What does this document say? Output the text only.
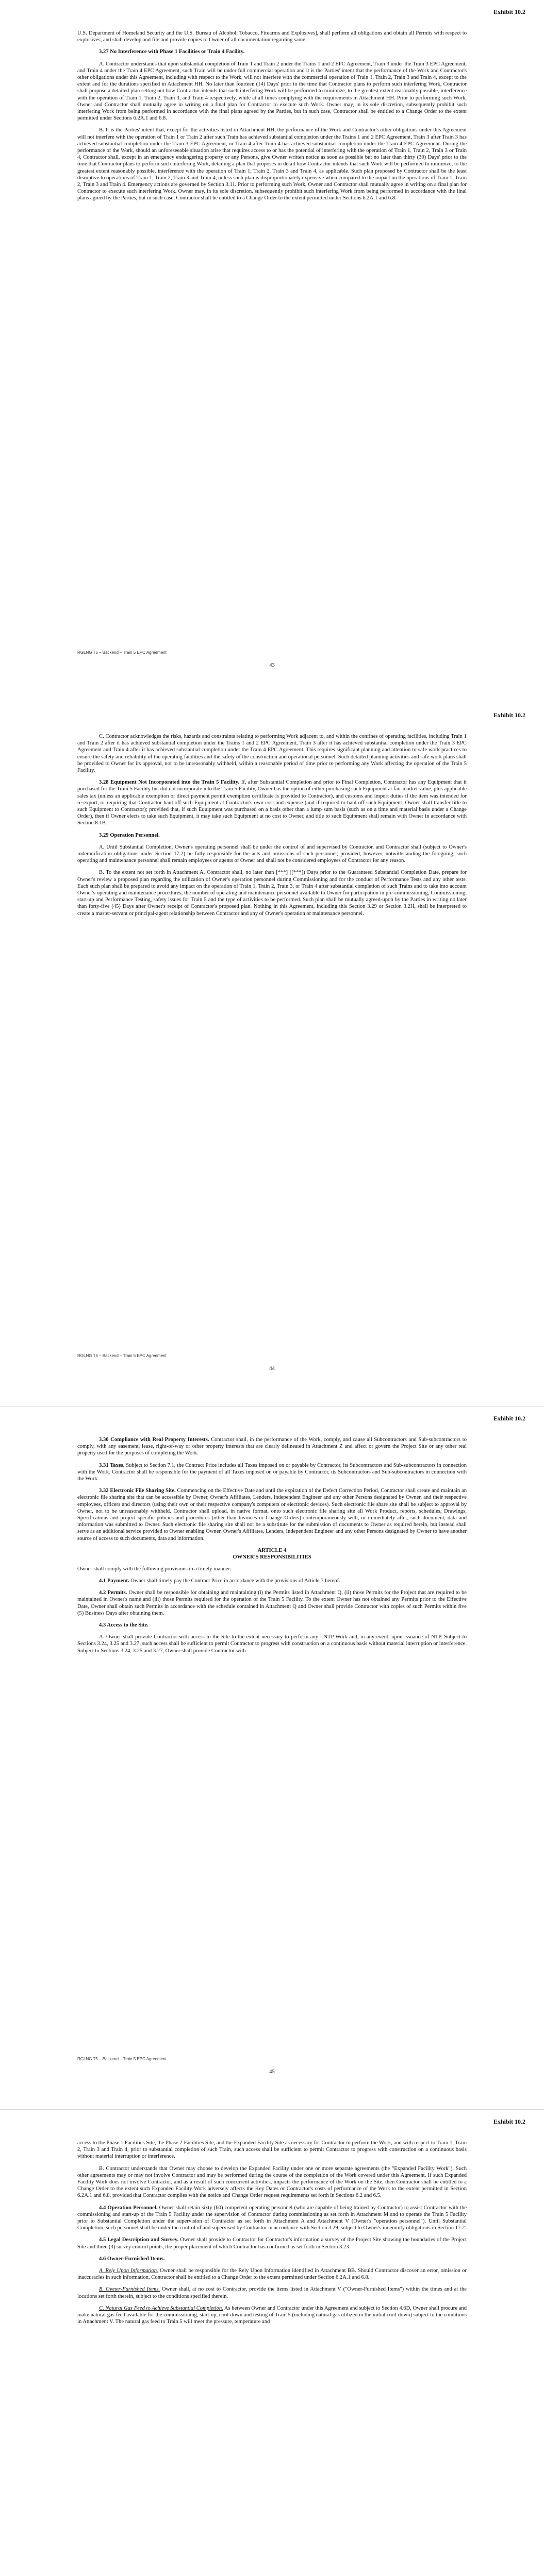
Exhibit 10.2

U.S. Department of Homeland Security and the U.S. Bureau of Alcohol, Tobacco, Firearms and Explosives], shall perform all obligations and obtain all Permits with respect to explosives, and shall develop and file and provide copies to Owner of all documentation regarding same.

3.27 No Interference with Phase 1 Facilities or Train 4 Facility.

A. Contractor understands that upon substantial completion of Train 1 and Train 2 under the Trains 1 and 2 EPC Agreement, Train 3 under the Train 3 EPC Agreement, and Train 4 under the Train 4 EPC Agreement, such Train will be under full commercial operation and it is the Parties' intent that the performance of the Work and Contractor's other obligations under this Agreement, including with respect to the Work, will not interfere with the commercial operation of Train 1, Train 2, Train 3 and Train 4, except to the extent and for the durations specified in Attachment HH. No later than fourteen (14) Days' prior to the time that Contractor plans to perform such interfering Work, Contractor shall propose a detailed plan setting out how Contractor intends that such interfering Work will be performed to minimize, to the greatest extent reasonably possible, interference with the operation of Train 1, Train 2, Train 3, and Train 4 respectively, while at all times complying with the requirements in Attachment HH. Prior to performing such Work, Owner and Contractor shall mutually agree in writing on a final plan for Contractor to execute such Work. Owner may, in its sole discretion, subsequently prohibit such interfering Work from being performed in accordance with the final plans agreed by the Parties, but in such case, Contractor shall be entitled to a Change Order to the extent permitted under Sections 6.2A.1 and 6.8.

B. It is the Parties' intent that, except for the activities listed in Attachment HH, the performance of the Work and Contractor's other obligations under this Agreement will not interfere with the operation of Train 1 or Train 2 after such Train has achieved substantial completion under the Trains 1 and 2 EPC Agreement, Train 3 after Train 3 has achieved substantial completion under the Train 3 EPC Agreement, or Train 4 after Train 4 has achieved substantial completion under the Train 4 EPC Agreement. During the performance of the Work, should an unforeseeable situation arise that requires access to or has the potential of interfering with the operation of Train 1, Train 2, Train 3 or Train 4, Contractor shall, except in an emergency endangering property or any Persons, give Owner written notice as soon as possible but no later than thirty (30) Days' prior to the time that Contractor plans to perform such interfering Work, detailing a plan that proposes in detail how Contractor intends that such Work will be performed to minimize, to the greatest extent reasonably possible, interference with the operation of Train 1, Train 2, Train 3 and Train 4, as applicable. Such plan proposed by Contractor shall be the least disruptive to operations of Train 1, Train 2, Train 3 and Train 4, unless such plan is disproportionately expensive when compared to the impact on the operations of Train 1, Train 2, Train 3 and Train 4. Emergency actions are governed by Section 3.11. Prior to performing such Work, Owner and Contractor shall mutually agree in writing on a final plan for Contractor to execute such interfering Work. Owner may, in its sole discretion, subsequently prohibit such interfering Work from being performed in accordance with the final plans agreed by the Parties, but in such case, Contractor shall be entitled to a Change Order to the extent permitted under Sections 6.2A.1 and 6.8.

RGLNG T5 – Backend – Train 5 EPC Agreement
43
Exhibit 10.2

C. Contractor acknowledges the risks, hazards and constraints relating to performing Work adjacent to, and within the confines of operating facilities, including Train 1 and Train 2 after it has achieved substantial completion under the Trains 1 and 2 EPC Agreement, Train 3 after it has achieved substantial completion under the Train 3 EPC Agreement and Train 4 after it has achieved substantial completion under the Train 4 EPC Agreement. This requires significant planning and attention to safe work practices to ensure the safety and reliability of the operating facilities and the safety of the construction and operational personnel. Such detailed planning activities and safe work plans shall be provided to Owner for its approval, not to be unreasonably withheld, within a reasonable period of time prior to performing any Work affecting the operation of the Train 5 Facility.

3.28 Equipment Not Incorporated into the Train 5 Facility. If, after Substantial Completion and prior to Final Completion, Contractor has any Equipment that it purchased for the Train 5 Facility but did not incorporate into the Train 5 Facility, Owner has the option of either purchasing such Equipment at fair market value, plus applicable sales tax (unless an applicable exemption or direct payment permit exemption certificate is provided to Contractor), and customs and import duties if the item was intended for re-export, or requiring that Contractor haul off such Equipment at Contractor's own cost and expense (and if required to haul off such Equipment, Owner shall transfer title to such Equipment to Contractor); provided that, if such Equipment was purchased on a basis other than a lump sum basis (such as on a time and material basis under a Change Order), then if Owner elects to take such Equipment, it may take such Equipment at no cost to Owner, and title to such Equipment shall remain with Owner in accordance with Section 8.1B.

3.29 Operation Personnel.

A. Until Substantial Completion, Owner's operating personnel shall be under the control of and supervised by Contractor, and Contractor shall (subject to Owner's indemnification obligations under Section 17.2) be fully responsible for the acts and omissions of such personnel; provided, however, notwithstanding the foregoing, such operating and maintenance personnel shall remain employees or agents of Owner and shall not be considered employees of Contractor for any reason.

B. To the extent not set forth in Attachment A, Contractor shall, no later than [***] ([***]) Days prior to the Guaranteed Substantial Completion Date, prepare for Owner's review a proposed plan regarding the utilization of Owner's operation personnel during Commissioning and for the conduct of Performance Tests and any other tests. Each such plan shall be prepared to avoid any impact on the operation of Train 1, Train 2, Train 3, or Train 4 after substantial completion of such Trains and to take into account Owner's operating and maintenance procedures, the number of operating and maintenance personnel available to Owner for participation in pre-commissioning, Commissioning, start-up and Performance Testing, safety issues for Train 5 and the type of activities to be performed. Such plan shall be mutually agreed-upon by the Parties in writing no later than forty-five (45) Days after Owner's receipt of Contractor's proposed plan. Nothing in this Agreement, including this Section 3.29 or Section 3.2H, shall be interpreted to create a master-servant or principal-agent relationship between Contractor and any of Owner's operation or maintenance personnel.

RGLNG T5 – Backend – Train 5 EPC Agreement
44
Exhibit 10.2

3.30 Compliance with Real Property Interests. Contractor shall, in the performance of the Work, comply, and cause all Subcontractors and Sub-subcontractors to comply, with any easement, lease, right-of-way or other property interests that are clearly delineated in Attachment Z and affect or govern the Project Site or any other real property used for the purposes of completing the Work.

3.31 Taxes. Subject to Section 7.1, the Contract Price includes all Taxes imposed on or payable by Contractor, its Subcontractors and Sub-subcontractors in connection with the Work. Contractor shall be responsible for the payment of all Taxes imposed on or payable by Contractor, its Subcontractors and Sub-subcontractors in connection with the Work.

3.32 Electronic File Sharing Site. Commencing on the Effective Date and until the expiration of the Defect Correction Period, Contractor shall create and maintain an electronic file sharing site that can be accessible by Owner, Owner's Affiliates, Lenders, Independent Engineer and any other Persons designated by Owner, and their respective employees, officers and directors (using their own or their respective company's computers or electronic devices). Such electronic file share site shall be subject to approval by Owner, not to be unreasonably withheld. Contractor shall upload, in native format, onto such electronic file sharing site all Work Product, reports, schedules, Drawings, Specifications and project specific policies and procedures (other than Invoices or Change Orders) contemporaneously with, or immediately after, such document, data and information was submitted to Owner. Such electronic file sharing site shall not be a substitute for the submission of documents to Owner as required herein, but instead shall serve as an additional service provided to Owner enabling Owner, Owner's Affiliates, Lenders, Independent Engineer and any other Persons designated by Owner to have another source of access to such documents, data and information.

ARTICLE 4
OWNER'S RESPONSIBILITIES

Owner shall comply with the following provisions in a timely manner:

4.1 Payment. Owner shall timely pay the Contract Price in accordance with the provisions of Article 7 hereof.

4.2 Permits. Owner shall be responsible for obtaining and maintaining (i) the Permits listed in Attachment Q, (ii) those Permits for the Project that are required to be maintained in Owner's name and (iii) those Permits required for the operation of the Train 5 Facility. To the extent Owner has not obtained any Permits prior to the Effective Date, Owner shall obtain such Permits in accordance with the schedule contained in Attachment Q and Owner shall provide Contractor with copies of such Permits within five (5) Business Days after obtaining them.

4.3 Access to the Site.

A. Owner shall provide Contractor with access to the Site to the extent necessary to perform any LNTP Work and, in any event, upon issuance of NTP. Subject to Sections 3.24, 3.25 and 3.27, such access shall be sufficient to permit Contractor to progress with construction on a continuous basis without material interruption or interference. Subject to Sections 3.24, 3.25 and 3.27, Owner shall provide Contractor with

RGLNG T5 – Backend – Train 5 EPC Agreement
45
Exhibit 10.2

access to the Phase 1 Facilities Site, the Phase 2 Facilities Site, and the Expanded Facility Site as necessary for Contractor to perform the Work, and with respect to Train 1, Train 2, Train 3 and Train 4, prior to substantial completion of such Train, such access shall be sufficient to permit Contractor to progress with construction on a continuous basis without material interruption or interference.

B. Contractor understands that Owner may choose to develop the Expanded Facility under one or more separate agreements (the "Expanded Facility Work"). Such other agreements may or may not involve Contractor and may be performed during the course of the completion of the Work covered under this Agreement. If such Expanded Facility Work does not involve Contractor, and as a result of such concurrent activities, impacts the performance of the Work on the Site, then Contractor shall be entitled to a Change Order to the extent such Expanded Facility Work adversely affects the Key Dates or Contractor's costs of performance of the Work to the extent permitted in Section 6.2A.1 and 6.8, provided that Contractor complies with the notice and Change Order request requirements set forth in Sections 6.2 and 6.5.

4.4 Operation Personnel. Owner shall retain sixty (60) competent operating personnel (who are capable of being trained by Contractor) to assist Contractor with the commissioning and start-up of the Train 5 Facility under the supervision of Contractor during commissioning as set forth in Attachment M and to operate the Train 5 Facility prior to Substantial Completion under the supervision of Contractor as set forth in Attachment A and Attachment V (Owner's "operation personnel"). Until Substantial Completion, such personnel shall be under the control of and supervised by Contractor in accordance with Section 3.29, subject to Owner's indemnity obligations in Section 17.2.

4.5 Legal Description and Survey. Owner shall provide to Contractor for Contractor's information a survey of the Project Site showing the boundaries of the Project Site and three (3) survey control points, the proper placement of which Contractor has confirmed as set forth in Section 3.23.

4.6 Owner-Furnished Items.

A. Rely Upon Information. Owner shall be responsible for the Rely Upon Information identified in Attachment BB. Should Contractor discover an error, omission or inaccuracies in such information, Contractor shall be entitled to a Change Order to the extent permitted under Section 6.2A.1 and 6.8.

B. Owner-Furnished Items. Owner shall, at no cost to Contractor, provide the items listed in Attachment V ("Owner-Furnished Items") within the times and at the locations set forth therein, subject to the conditions specified therein.

C. Natural Gas Feed to Achieve Substantial Completion. As between Owner and Contractor under this Agreement and subject to Section 4.6D, Owner shall procure and make natural gas feed available for the commissioning, start-up, cool-down and testing of Train 5 (including natural gas utilized in the initial cool-down) subject to the conditions in Attachment V. The natural gas feed to Train 5 will meet the pressure, temperature and
